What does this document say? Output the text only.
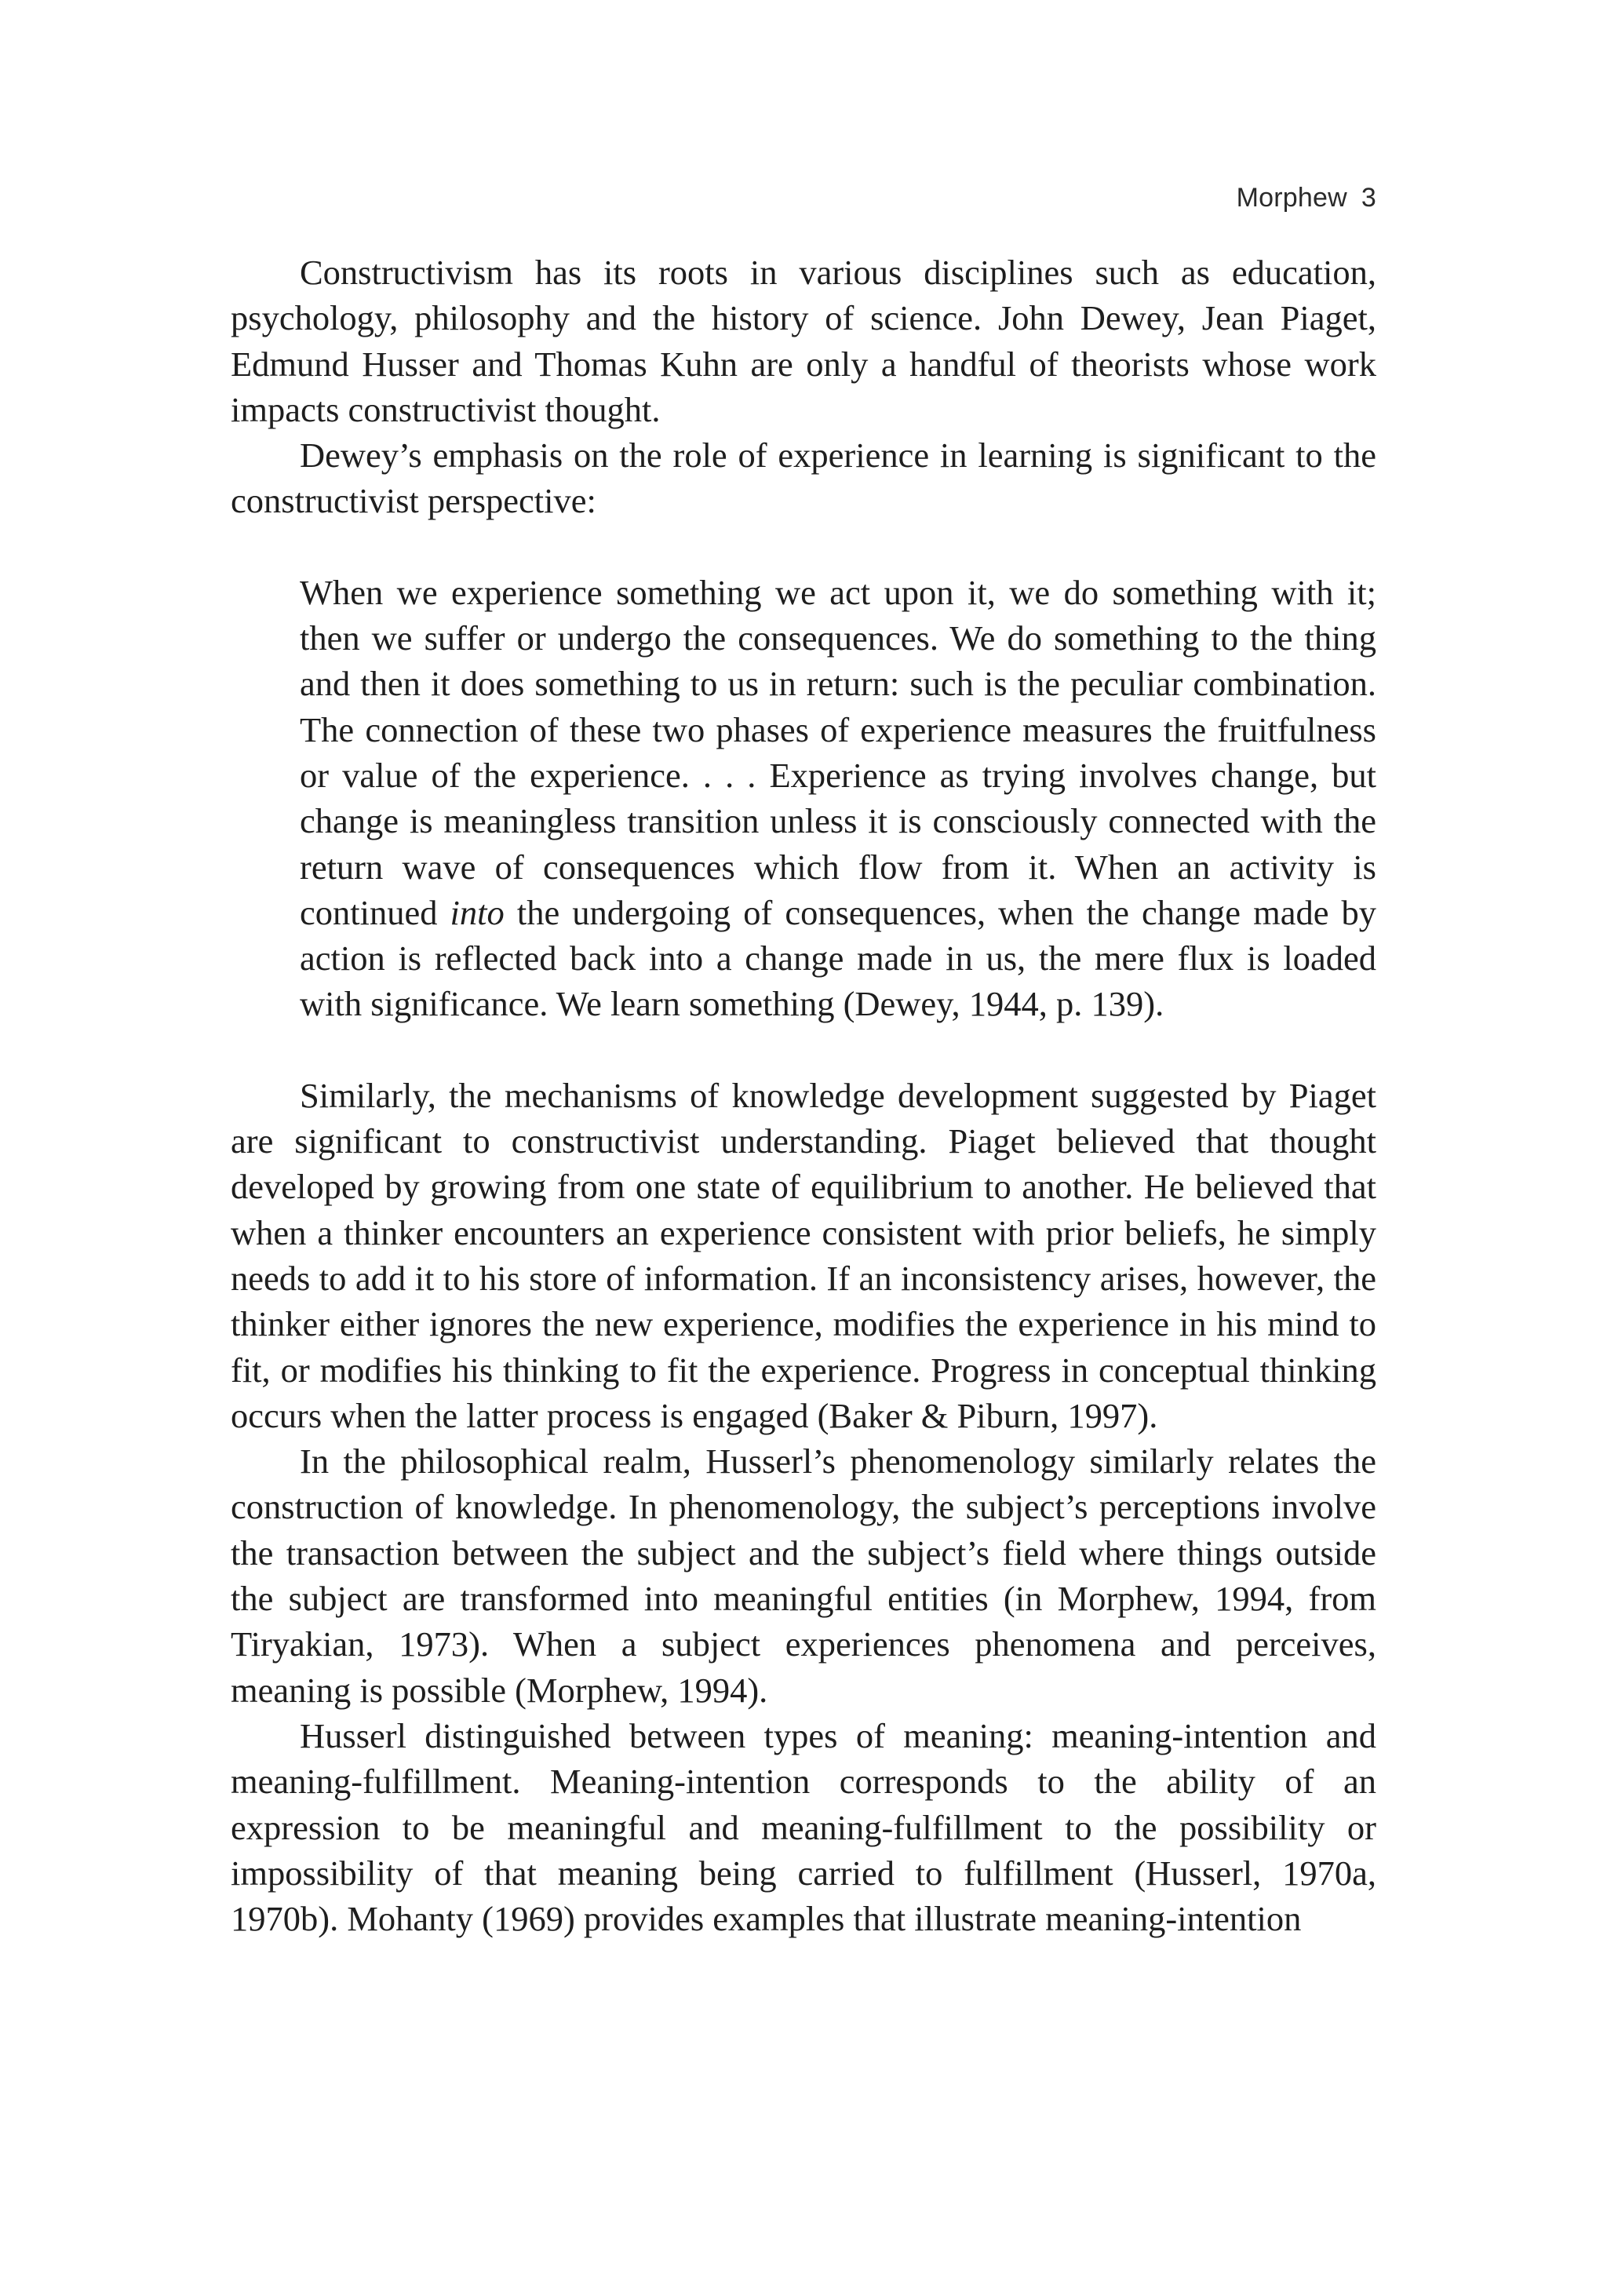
Morphew 3

Constructivism has its roots in various disciplines such as education, psychology, philosophy and the history of science. John Dewey, Jean Piaget, Edmund Husser and Thomas Kuhn are only a handful of theorists whose work impacts constructivist thought.

Dewey’s emphasis on the role of experience in learning is significant to the constructivist perspective:

When we experience something we act upon it, we do something with it; then we suffer or undergo the consequences. We do something to the thing and then it does something to us in return: such is the peculiar combination. The connection of these two phases of experience measures the fruitfulness or value of the experience. . . . Experience as trying involves change, but change is meaningless transition unless it is consciously connected with the return wave of consequences which flow from it. When an activity is continued into the undergoing of consequences, when the change made by action is reflected back into a change made in us, the mere flux is loaded with significance. We learn something (Dewey, 1944, p. 139).

Similarly, the mechanisms of knowledge development suggested by Piaget are significant to constructivist understanding. Piaget believed that thought developed by growing from one state of equilibrium to another. He believed that when a thinker encounters an experience consistent with prior beliefs, he simply needs to add it to his store of information. If an inconsistency arises, however, the thinker either ignores the new experience, modifies the experience in his mind to fit, or modifies his thinking to fit the experience. Progress in conceptual thinking occurs when the latter process is engaged (Baker & Piburn, 1997).

In the philosophical realm, Husserl’s phenomenology similarly relates the construction of knowledge. In phenomenology, the subject’s perceptions involve the transaction between the subject and the subject’s field where things outside the subject are transformed into meaningful entities (in Morphew, 1994, from Tiryakian, 1973). When a subject experiences phenomena and perceives, meaning is possible (Morphew, 1994).

Husserl distinguished between types of meaning: meaning-intention and meaning-fulfillment. Meaning-intention corresponds to the ability of an expression to be meaningful and meaning-fulfillment to the possibility or impossibility of that meaning being carried to fulfillment (Husserl, 1970a, 1970b). Mohanty (1969) provides examples that illustrate meaning-intention
